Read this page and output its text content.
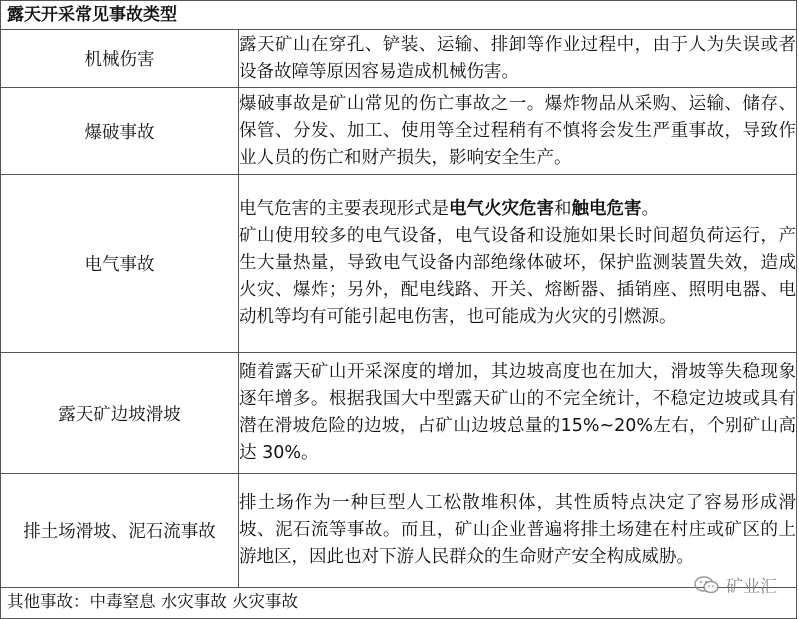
露天开采常见事故类型
机械伤害	露天矿山在穿孔、铲装、运输、排卸等作业过程中，由于人为失误或者设备故障等原因容易造成机械伤害。

爆破事故	爆破事故是矿山常见的伤亡事故之一。爆炸物品从采购、运输、储存、保管、分发、加工、使用等全过程稍有不慎将会发生严重事故，导致作业人员的伤亡和财产损失，影响安全生产。

电气事故	电气危害的主要表现形式是电气火灾危害和触电危害。
矿山使用较多的电气设备，电气设备和设施如果长时间超负荷运行，产生大量热量，导致电气设备内部绝缘体破坏，保护监测装置失效，造成火灾、爆炸；另外，配电线路、开关、熔断器、插销座、照明电器、电动机等均有可能引起电伤害，也可能成为火灾的引燃源。

露天矿边坡滑坡	随着露天矿山开采深度的增加，其边坡高度也在加大，滑坡等失稳现象逐年增多。根据我国大中型露天矿山的不完全统计，不稳定边坡或具有潜在滑坡危险的边坡，占矿山边坡总量的15%~20%左右，个别矿山高达 30%。

排土场滑坡、泥石流事故	排土场作为一种巨型人工松散堆积体，其性质特点决定了容易形成滑坡、泥石流等事故。而且，矿山企业普遍将排土场建在村庄或矿区的上游地区，因此也对下游人民群众的生命财产安全构成威胁。
其他事故：中毒窒息 水灾事故 火灾事故
矿业汇
